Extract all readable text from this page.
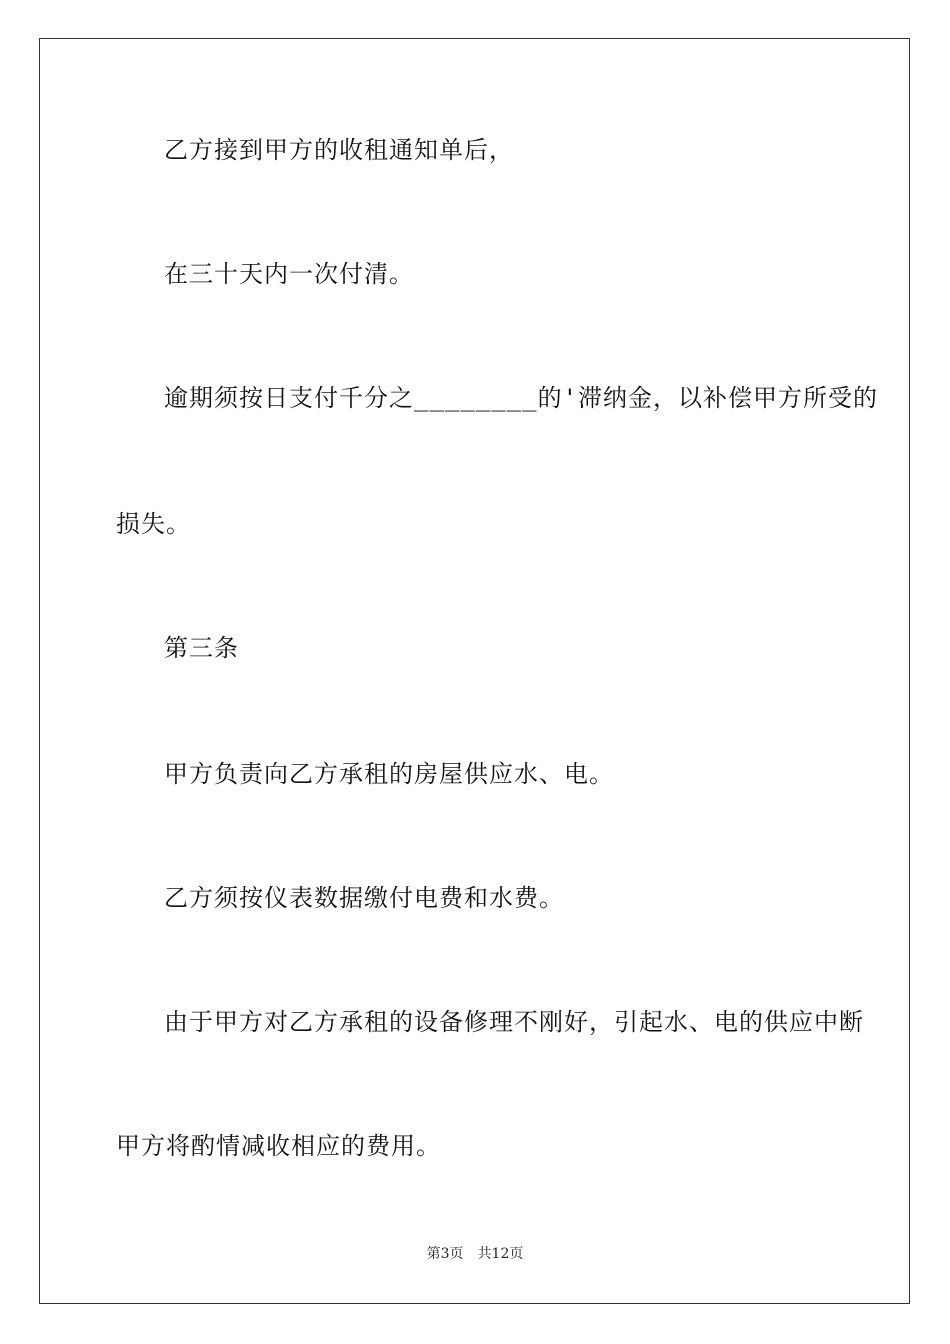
乙方接到甲方的收租通知单后，
在三十天内一次付清。
逾期须按日支付千分之________的'滞纳金，以补偿甲方所受的
损失。
第三条
甲方负责向乙方承租的房屋供应水、电。
乙方须按仪表数据缴付电费和水费。
由于甲方对乙方承租的设备修理不刚好，引起水、电的供应中断
甲方将酌情减收相应的费用。
第3页 共12页
